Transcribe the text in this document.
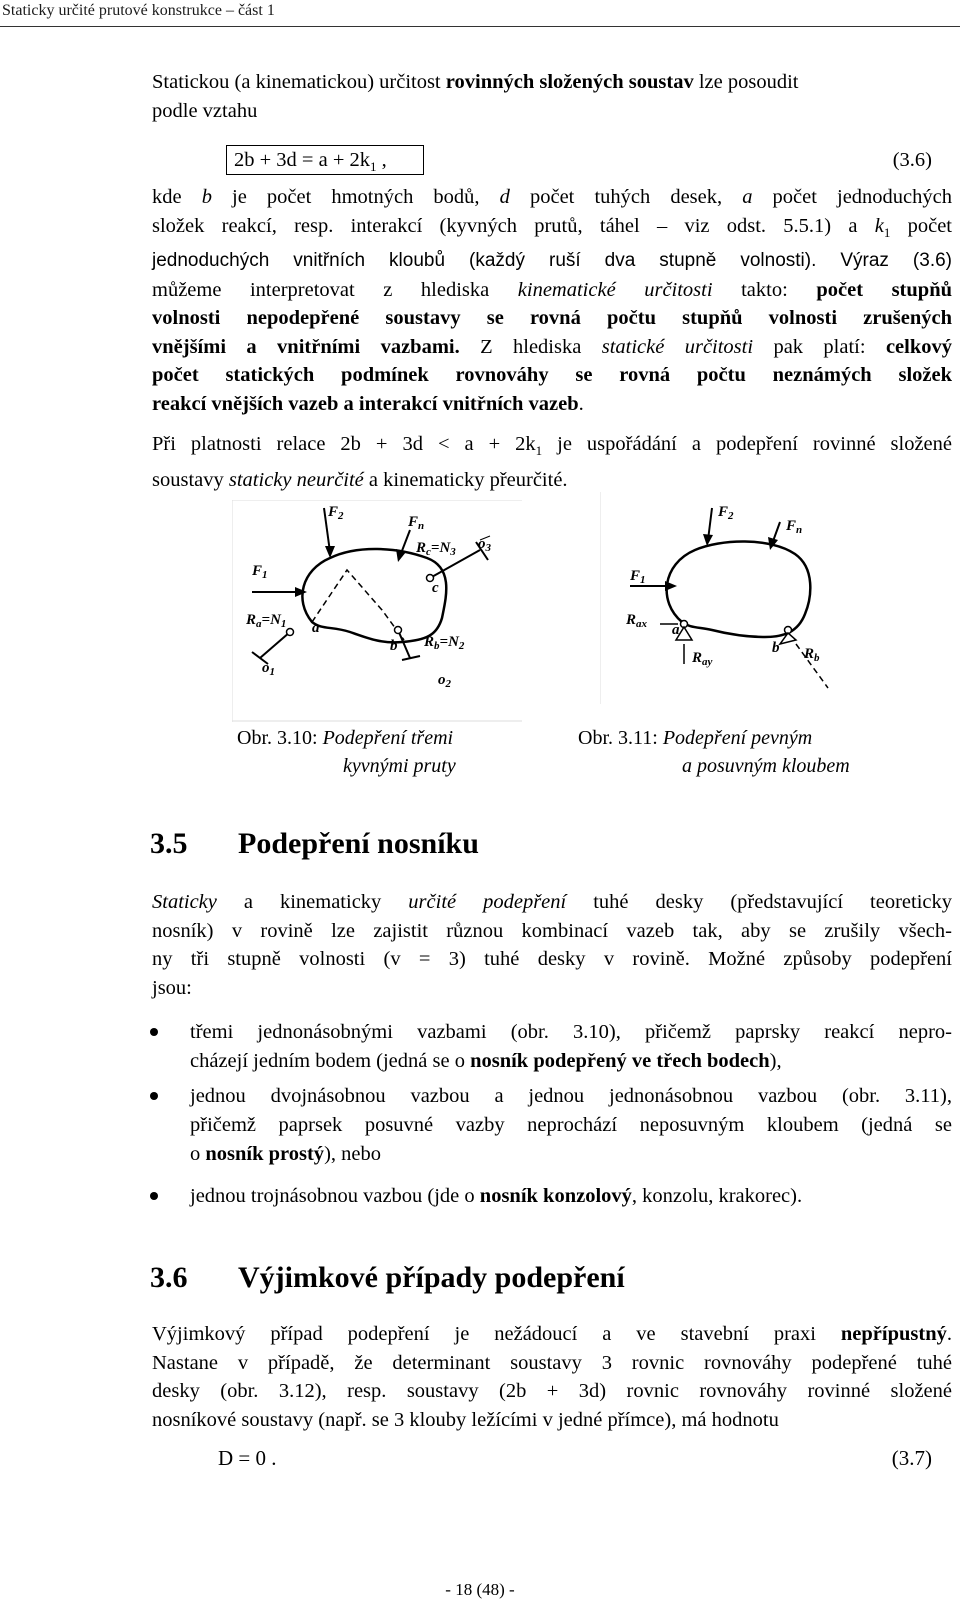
Staticky určité prutové konstrukce – část 1
Statickou (a kinematickou) určitost rovinných složených soustav lze posoudit
podle vztahu
$2b + 3d = a + 2k_1$ ,	(3.6)
kde b je počet hmotných bodů, d počet tuhých desek, a počet jednoduchých
složek reakcí, resp. interakcí (kyvných prutů, táhel – viz odst. 5.5.1) a $k_1$ počet
jednoduchých vnitřních kloubů (každý ruší dva stupně volnosti). Výraz (3.6)
můžeme interpretovat z hlediska kinematické určitosti takto: počet stupňů
volnosti nepodepřené soustavy se rovná počtu stupňů volnosti zrušených
vnějšími a vnitřními vazbami. Z hlediska statické určitosti pak platí: celkový
počet statických podmínek rovnováhy se rovná počtu neznámých složek
reakcí vnějších vazeb a interakcí vnitřních vazeb.
Při platnosti relace $2b + 3d < a + 2k_1$ je uspořádání a podepření rovinné složené
soustavy staticky neurčité a kinematicky přeurčité.
$F_2$	$F_n$
$F_1$
$R_c=N_3$ $o_3$
c
$R_a=N_1$ a
b $R_b=N_2$
$o_1$	$o_2$
$F_2$
$F_n$
$F_1$
$R_{ax}$ a
$R_{ay}$
b $R_b$
Obr. 3.10: Podepření třemi
kyvnými pruty
Obr. 3.11: Podepření pevným
a posuvným kloubem
3.5 Podepření nosníku
Staticky a kinematicky určité podepření tuhé desky (představující teoreticky
nosník) v rovině lze zajistit různou kombinací vazeb tak, aby se zrušily všech-
ny tři stupně volnosti (v = 3) tuhé desky v rovině. Možné způsoby podepření
jsou:
třemi jednonásobnými vazbami (obr. 3.10), přičemž paprsky reakcí nepro-
cházejí jedním bodem (jedná se o nosník podepřený ve třech bodech),
jednou dvojnásobnou vazbou a jednou jednonásobnou vazbou (obr. 3.11),
přičemž paprsek posuvné vazby neprochází neposuvným kloubem (jedná se
o nosník prostý), nebo
jednou trojnásobnou vazbou (jde o nosník konzolový, konzolu, krakorec).
3.6 Výjimkové případy podepření
Výjimkový případ podepření je nežádoucí a ve stavební praxi nepřípustný.
Nastane v případě, že determinant soustavy 3 rovnic rovnováhy podepřené tuhé
desky (obr. 3.12), resp. soustavy (2b + 3d) rovnic rovnováhy rovinné složené
nosníkové soustavy (např. se 3 klouby ležícími v jedné přímce), má hodnotu
D = 0 .	(3.7)
- 18 (48) -
